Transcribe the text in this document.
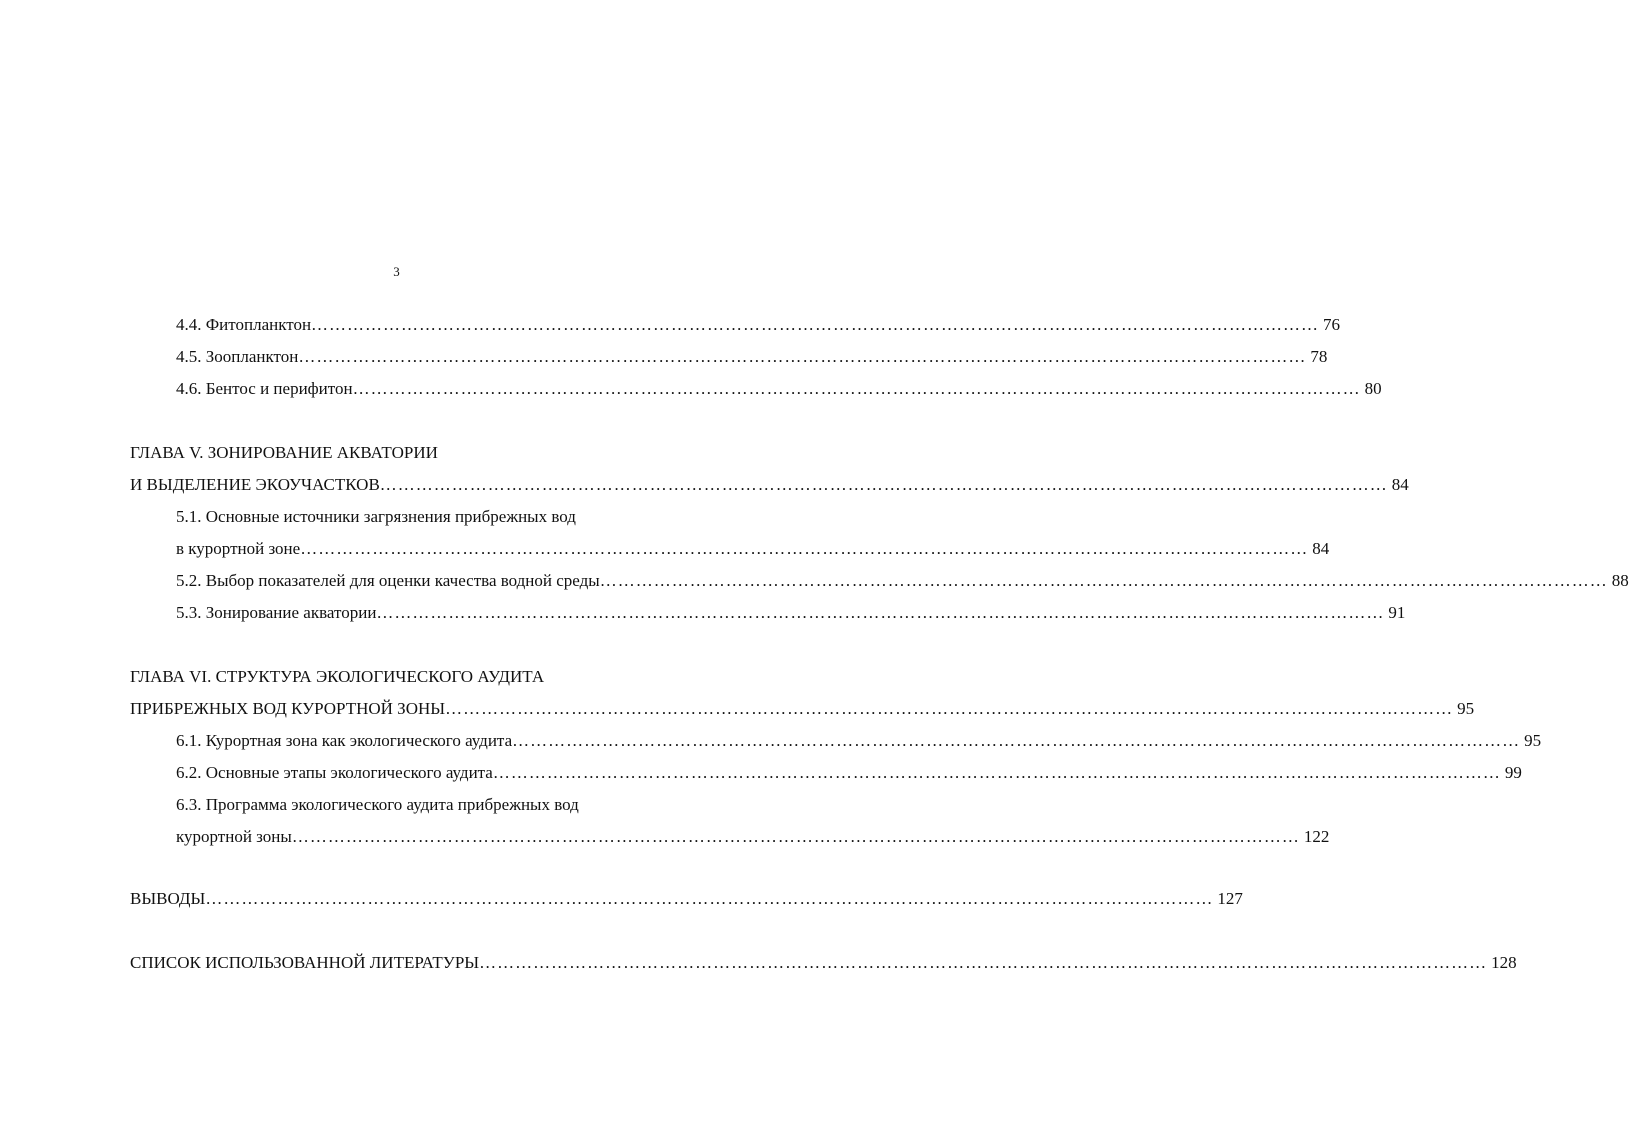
3
4.4. Фитопланктон …………………………………………………………………………………………………………………………………………………… 76
4.5. Зоопланктон …………………………………………………………………………………………………………………………………………………… 78
4.6. Бентос и перифитон …………………………………………………………………………………………………………………………………………………… 80
ГЛАВА V. ЗОНИРОВАНИЕ АКВАТОРИИ
И ВЫДЕЛЕНИЕ ЭКОУЧАСТКОВ …………………………………………………………………………………………………………………………………………………… 84
5.1. Основные источники загрязнения прибрежных вод
в курортной зоне …………………………………………………………………………………………………………………………………………………… 84
5.2. Выбор показателей для оценки качества водной среды …………………………………………………………………………………………………………………………………………………… 88
5.3. Зонирование акватории …………………………………………………………………………………………………………………………………………………… 91
ГЛАВА VI. СТРУКТУРА ЭКОЛОГИЧЕСКОГО АУДИТА
ПРИБРЕЖНЫХ ВОД КУРОРТНОЙ ЗОНЫ …………………………………………………………………………………………………………………………………………………… 95
6.1. Курортная зона как экологического аудита …………………………………………………………………………………………………………………………………………………… 95
6.2. Основные этапы экологического аудита …………………………………………………………………………………………………………………………………………………… 99
6.3. Программа экологического аудита прибрежных вод
курортной зоны …………………………………………………………………………………………………………………………………………………… 122
ВЫВОДЫ …………………………………………………………………………………………………………………………………………………… 127
СПИСОК ИСПОЛЬЗОВАННОЙ ЛИТЕРАТУРЫ …………………………………………………………………………………………………………………………………………………… 128
